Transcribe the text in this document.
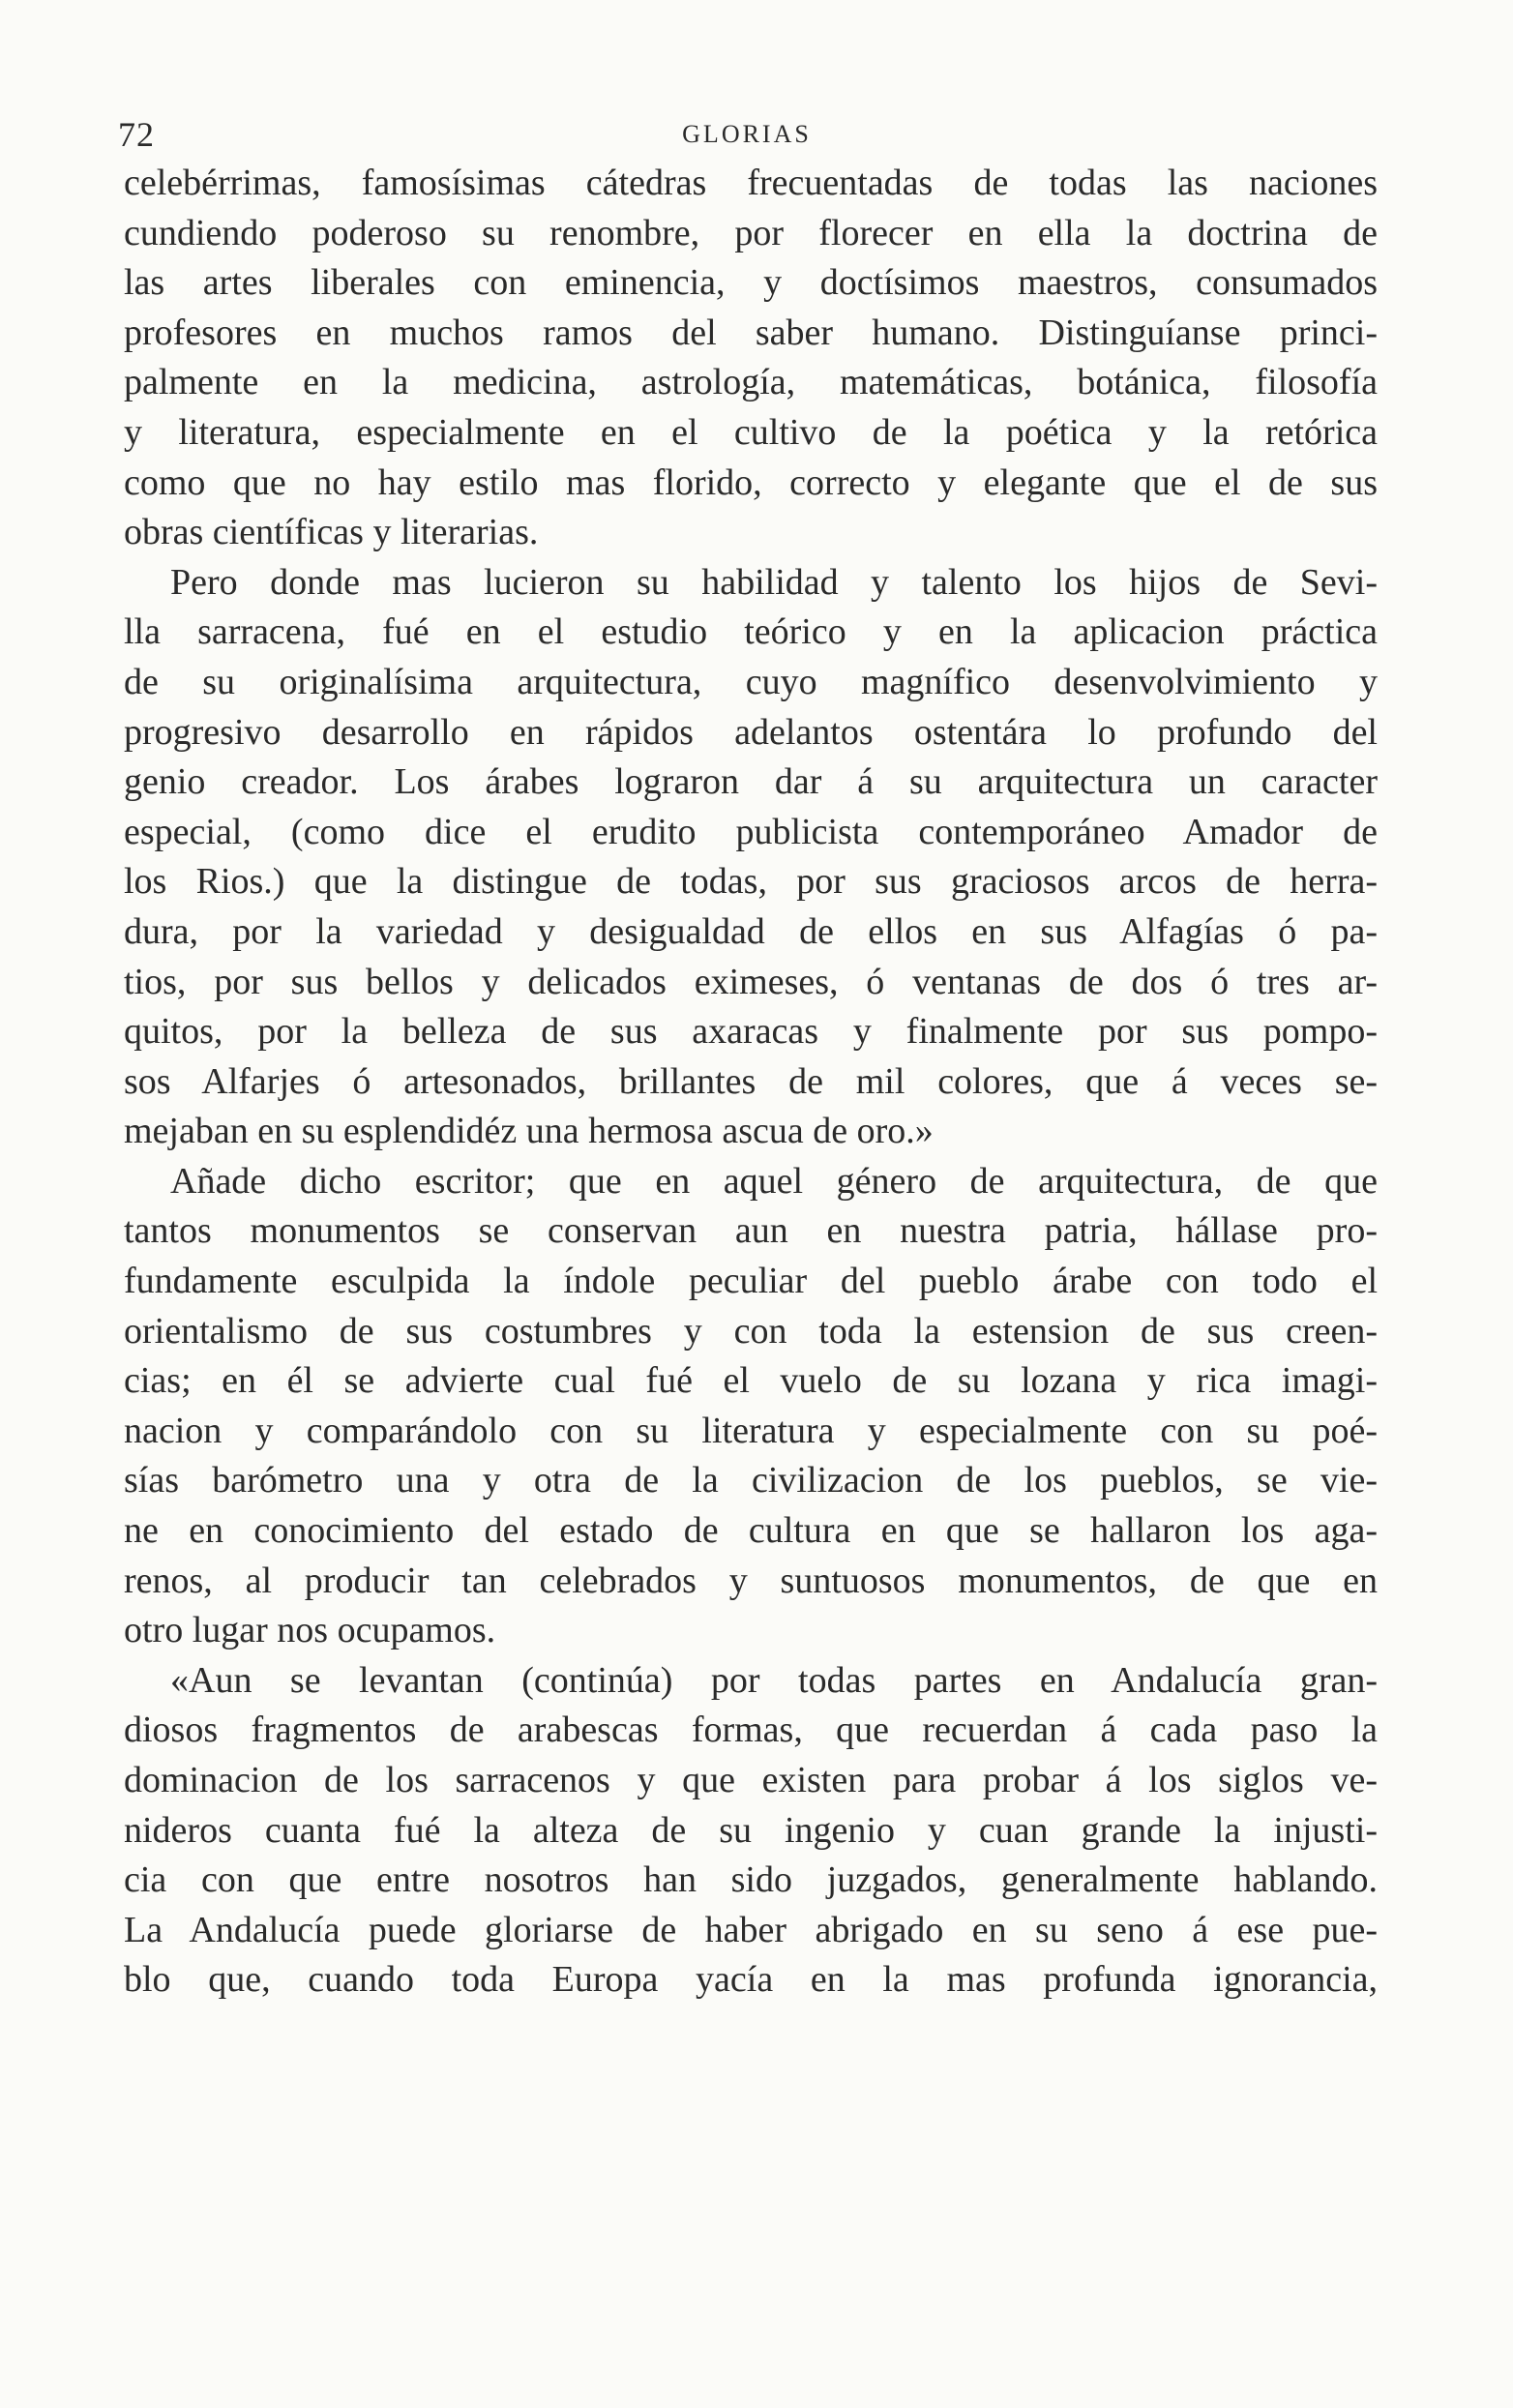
72	GLORIAS
celebérrimas, famosísimas cátedras frecuentadas de todas las naciones
cundiendo poderoso su renombre, por florecer en ella la doctrina de
las artes liberales con eminencia, y doctísimos maestros, consumados
profesores en muchos ramos del saber humano. Distinguíanse princi-
palmente en la medicina, astrología, matemáticas, botánica, filosofía
y literatura, especialmente en el cultivo de la poética y la retórica
como que no hay estilo mas florido, correcto y elegante que el de sus
obras científicas y literarias.
Pero donde mas lucieron su habilidad y talento los hijos de Sevi-
lla sarracena, fué en el estudio teórico y en la aplicacion práctica
de su originalísima arquitectura, cuyo magnífico desenvolvimiento y
progresivo desarrollo en rápidos adelantos ostentára lo profundo del
genio creador. Los árabes lograron dar á su arquitectura un caracter
especial, (como dice el erudito publicista contemporáneo Amador de
los Rios.) que la distingue de todas, por sus graciosos arcos de herra-
dura, por la variedad y desigualdad de ellos en sus Alfagías ó pa-
tios, por sus bellos y delicados eximeses, ó ventanas de dos ó tres ar-
quitos, por la belleza de sus axaracas y finalmente por sus pompo-
sos Alfarjes ó artesonados, brillantes de mil colores, que á veces se-
mejaban en su esplendidéz una hermosa ascua de oro.»
Añade dicho escritor; que en aquel género de arquitectura, de que
tantos monumentos se conservan aun en nuestra patria, hállase pro-
fundamente esculpida la índole peculiar del pueblo árabe con todo el
orientalismo de sus costumbres y con toda la estension de sus creen-
cias; en él se advierte cual fué el vuelo de su lozana y rica imagi-
nacion y comparándolo con su literatura y especialmente con su poé-
sías barómetro una y otra de la civilizacion de los pueblos, se vie-
ne en conocimiento del estado de cultura en que se hallaron los aga-
renos, al producir tan celebrados y suntuosos monumentos, de que en
otro lugar nos ocupamos.
«Aun se levantan (continúa) por todas partes en Andalucía gran-
diosos fragmentos de arabescas formas, que recuerdan á cada paso la
dominacion de los sarracenos y que existen para probar á los siglos ve-
nideros cuanta fué la alteza de su ingenio y cuan grande la injusti-
cia con que entre nosotros han sido juzgados, generalmente hablando.
La Andalucía puede gloriarse de haber abrigado en su seno á ese pue-
blo que, cuando toda Europa yacía en la mas profunda ignorancia,
